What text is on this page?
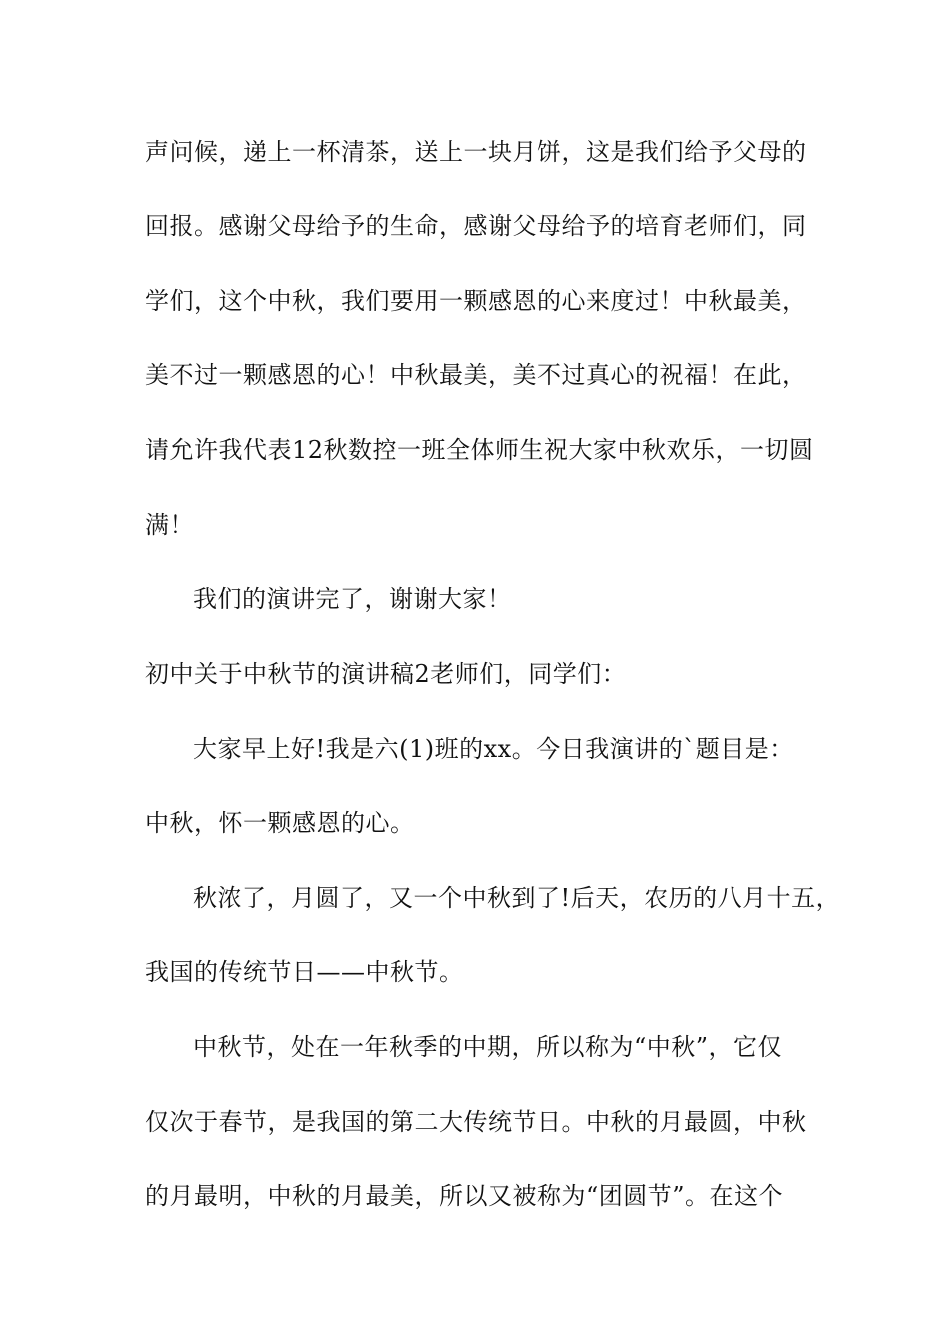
声问候，递上一杯清茶，送上一块月饼，这是我们给予父母的
回报。感谢父母给予的生命，感谢父母给予的培育老师们，同
学们，这个中秋，我们要用一颗感恩的心来度过！中秋最美，
美不过一颗感恩的心！中秋最美，美不过真心的祝福！在此，
请允许我代表12秋数控一班全体师生祝大家中秋欢乐，一切圆
满！
我们的演讲完了，谢谢大家！
初中关于中秋节的演讲稿2老师们，同学们：
大家早上好!我是六(1)班的xx。今日我演讲的`题目是：
中秋，怀一颗感恩的心。
秋浓了，月圆了，又一个中秋到了!后天，农历的八月十五，
我国的传统节日——中秋节。
中秋节，处在一年秋季的中期，所以称为“中秋”，它仅
仅次于春节，是我国的第二大传统节日。中秋的月最圆，中秋
的月最明，中秋的月最美，所以又被称为“团圆节”。在这个
